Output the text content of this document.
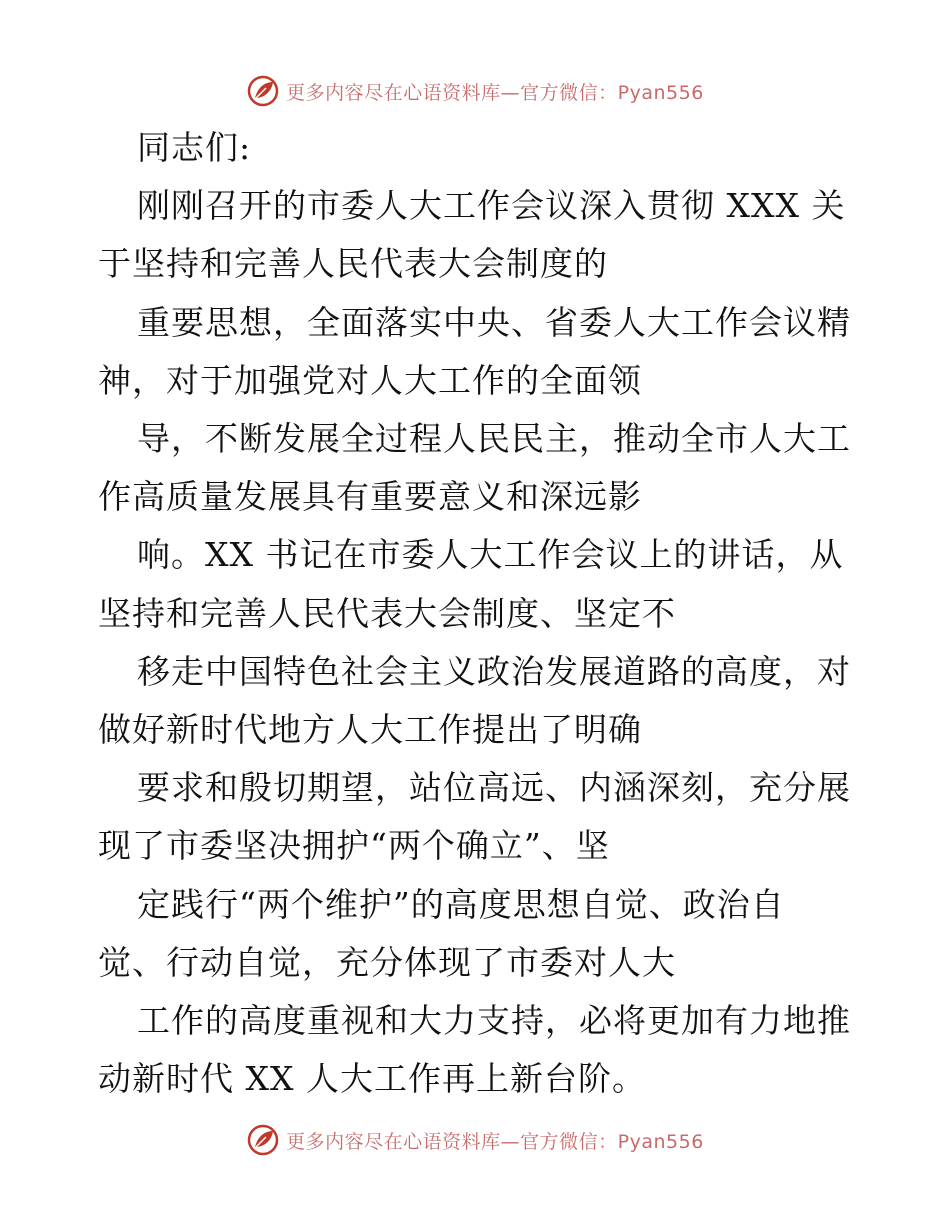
更多内容尽在心语资料库—官方微信：Pyan556
同志们:
刚刚召开的市委人大工作会议深入贯彻 XXX 关
于坚持和完善人民代表大会制度的
重要思想，全面落实中央、省委人大工作会议精
神，对于加强党对人大工作的全面领
导，不断发展全过程人民民主，推动全市人大工
作高质量发展具有重要意义和深远影
响。XX 书记在市委人大工作会议上的讲话，从
坚持和完善人民代表大会制度、坚定不
移走中国特色社会主义政治发展道路的高度，对
做好新时代地方人大工作提出了明确
要求和殷切期望，站位高远、内涵深刻，充分展
现了市委坚决拥护“两个确立”、坚
定践行“两个维护”的高度思想自觉、政治自
觉、行动自觉，充分体现了市委对人大
工作的高度重视和大力支持，必将更加有力地推
动新时代 XX 人大工作再上新台阶。
更多内容尽在心语资料库—官方微信：Pyan556
